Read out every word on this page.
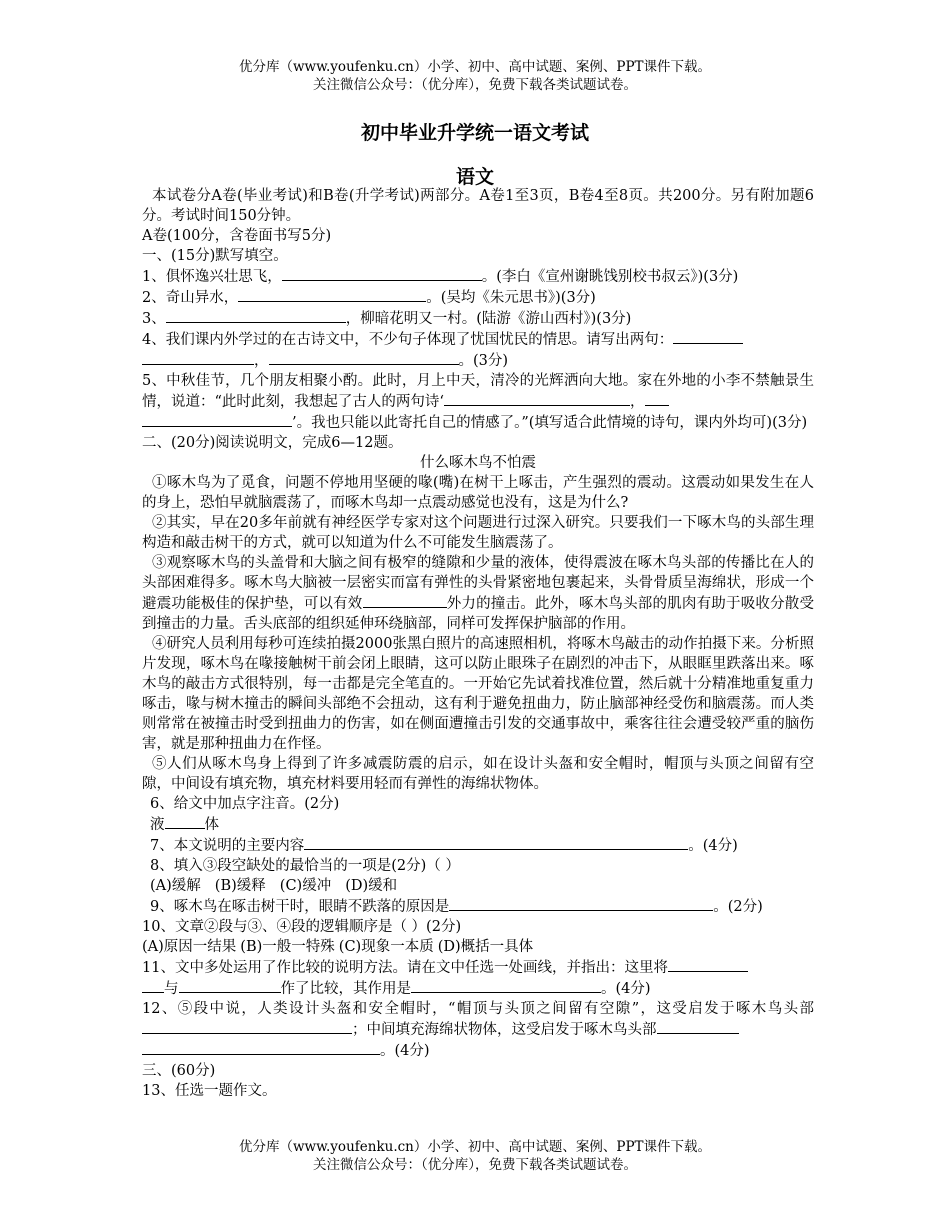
优分库（www.youfenku.cn）小学、初中、高中试题、案例、PPT课件下载。
关注微信公众号：（优分库），免费下载各类试题试卷。
初中毕业升学统一语文考试
语文

本试卷分A卷(毕业考试)和B卷(升学考试)两部分。A卷1至3页，B卷4至8页。共200分。另有附加题6分。考试时间150分钟。

A卷(100分，含卷面书写5分)

一、(15分)默写填空。

1、俱怀逸兴壮思飞，	。(李白《宣州谢眺饯别校书叔云》)(3分)

2、奇山异水，	。(吴均《朱元思书》)(3分)

3、	，柳暗花明又一村。(陆游《游山西村》)(3分)

4、我们课内外学过的在古诗文中，不少句子体现了忧国忧民的情思。请写出两句：
，	。(3分)

5、中秋佳节，几个朋友相聚小酌。此时，月上中天，清冷的光辉洒向大地。家在外地的小李不禁触景生情，说道：“此时此刻，我想起了古人的两句诗‘	，
’。我也只能以此寄托自己的情感了。”(填写适合此情境的诗句，课内外均可)(3分)

二、(20分)阅读说明文，完成6—12题。

什么啄木鸟不怕震

①啄木鸟为了觅食，问题不停地用坚硬的喙(嘴)在树干上啄击，产生强烈的震动。这震动如果发生在人的身上，恐怕早就脑震荡了，而啄木鸟却一点震动感觉也没有，这是为什么?

②其实，早在20多年前就有神经医学专家对这个问题进行过深入研究。只要我们一下啄木鸟的头部生理构造和敲击树干的方式，就可以知道为什么不可能发生脑震荡了。

③观察啄木鸟的头盖骨和大脑之间有极窄的缝隙和少量的液体，使得震波在啄木鸟头部的传播比在人的头部困难得多。啄木鸟大脑被一层密实而富有弹性的头骨紧密地包裹起来，头骨骨质呈海绵状，形成一个避震功能极佳的保护垫，可以有效	外力的撞击。此外，啄木鸟头部的肌肉有助于吸收分散受到撞击的力量。舌头底部的组织延伸环绕脑部，同样可发挥保护脑部的作用。

④研究人员利用每秒可连续拍摄2000张黑白照片的高速照相机，将啄木鸟敲击的动作拍摄下来。分析照片发现，啄木鸟在喙接触树干前会闭上眼睛，这可以防止眼珠子在剧烈的冲击下，从眼眶里跌落出来。啄木鸟的敲击方式很特别，每一击都是完全笔直的。一开始它先试着找准位置，然后就十分精准地重复重力啄击，喙与树木撞击的瞬间头部绝不会扭动，这有利于避免扭曲力，防止脑部神经受伤和脑震荡。而人类则常常在被撞击时受到扭曲力的伤害，如在侧面遭撞击引发的交通事故中，乘客往往会遭受较严重的脑伤害，就是那种扭曲力在作怪。

⑤人们从啄木鸟身上得到了许多减震防震的启示，如在设计头盔和安全帽时，帽顶与头顶之间留有空隙，中间设有填充物，填充材料要用轻而有弹性的海绵状物体。

6、给文中加点字注音。(2分)

液	体

7、本文说明的主要内容	。(4分)

8、填入③段空缺处的最恰当的一项是(2分)（ ）

(A)缓解 (B)缓释 (C)缓冲 (D)缓和

9、啄木鸟在啄击树干时，眼睛不跌落的原因是	。(2分)

10、文章②段与③、④段的逻辑顺序是（ ）(2分)

(A)原因一结果 (B)一般一特殊 (C)现象一本质 (D)概括一具体

11、文中多处运用了作比较的说明方法。请在文中任选一处画线，并指出：这里将
与	作了比较，其作用是	。(4分)

12、⑤段中说，人类设计头盔和安全帽时，“帽顶与头顶之间留有空隙”，这受启发于啄木鸟头部；中间填充海绵状物体，这受启发于啄木鸟头部
。(4分)

三、(60分)

13、任选一题作文。

优分库（www.youfenku.cn）小学、初中、高中试题、案例、PPT课件下载。
关注微信公众号：（优分库），免费下载各类试题试卷。
